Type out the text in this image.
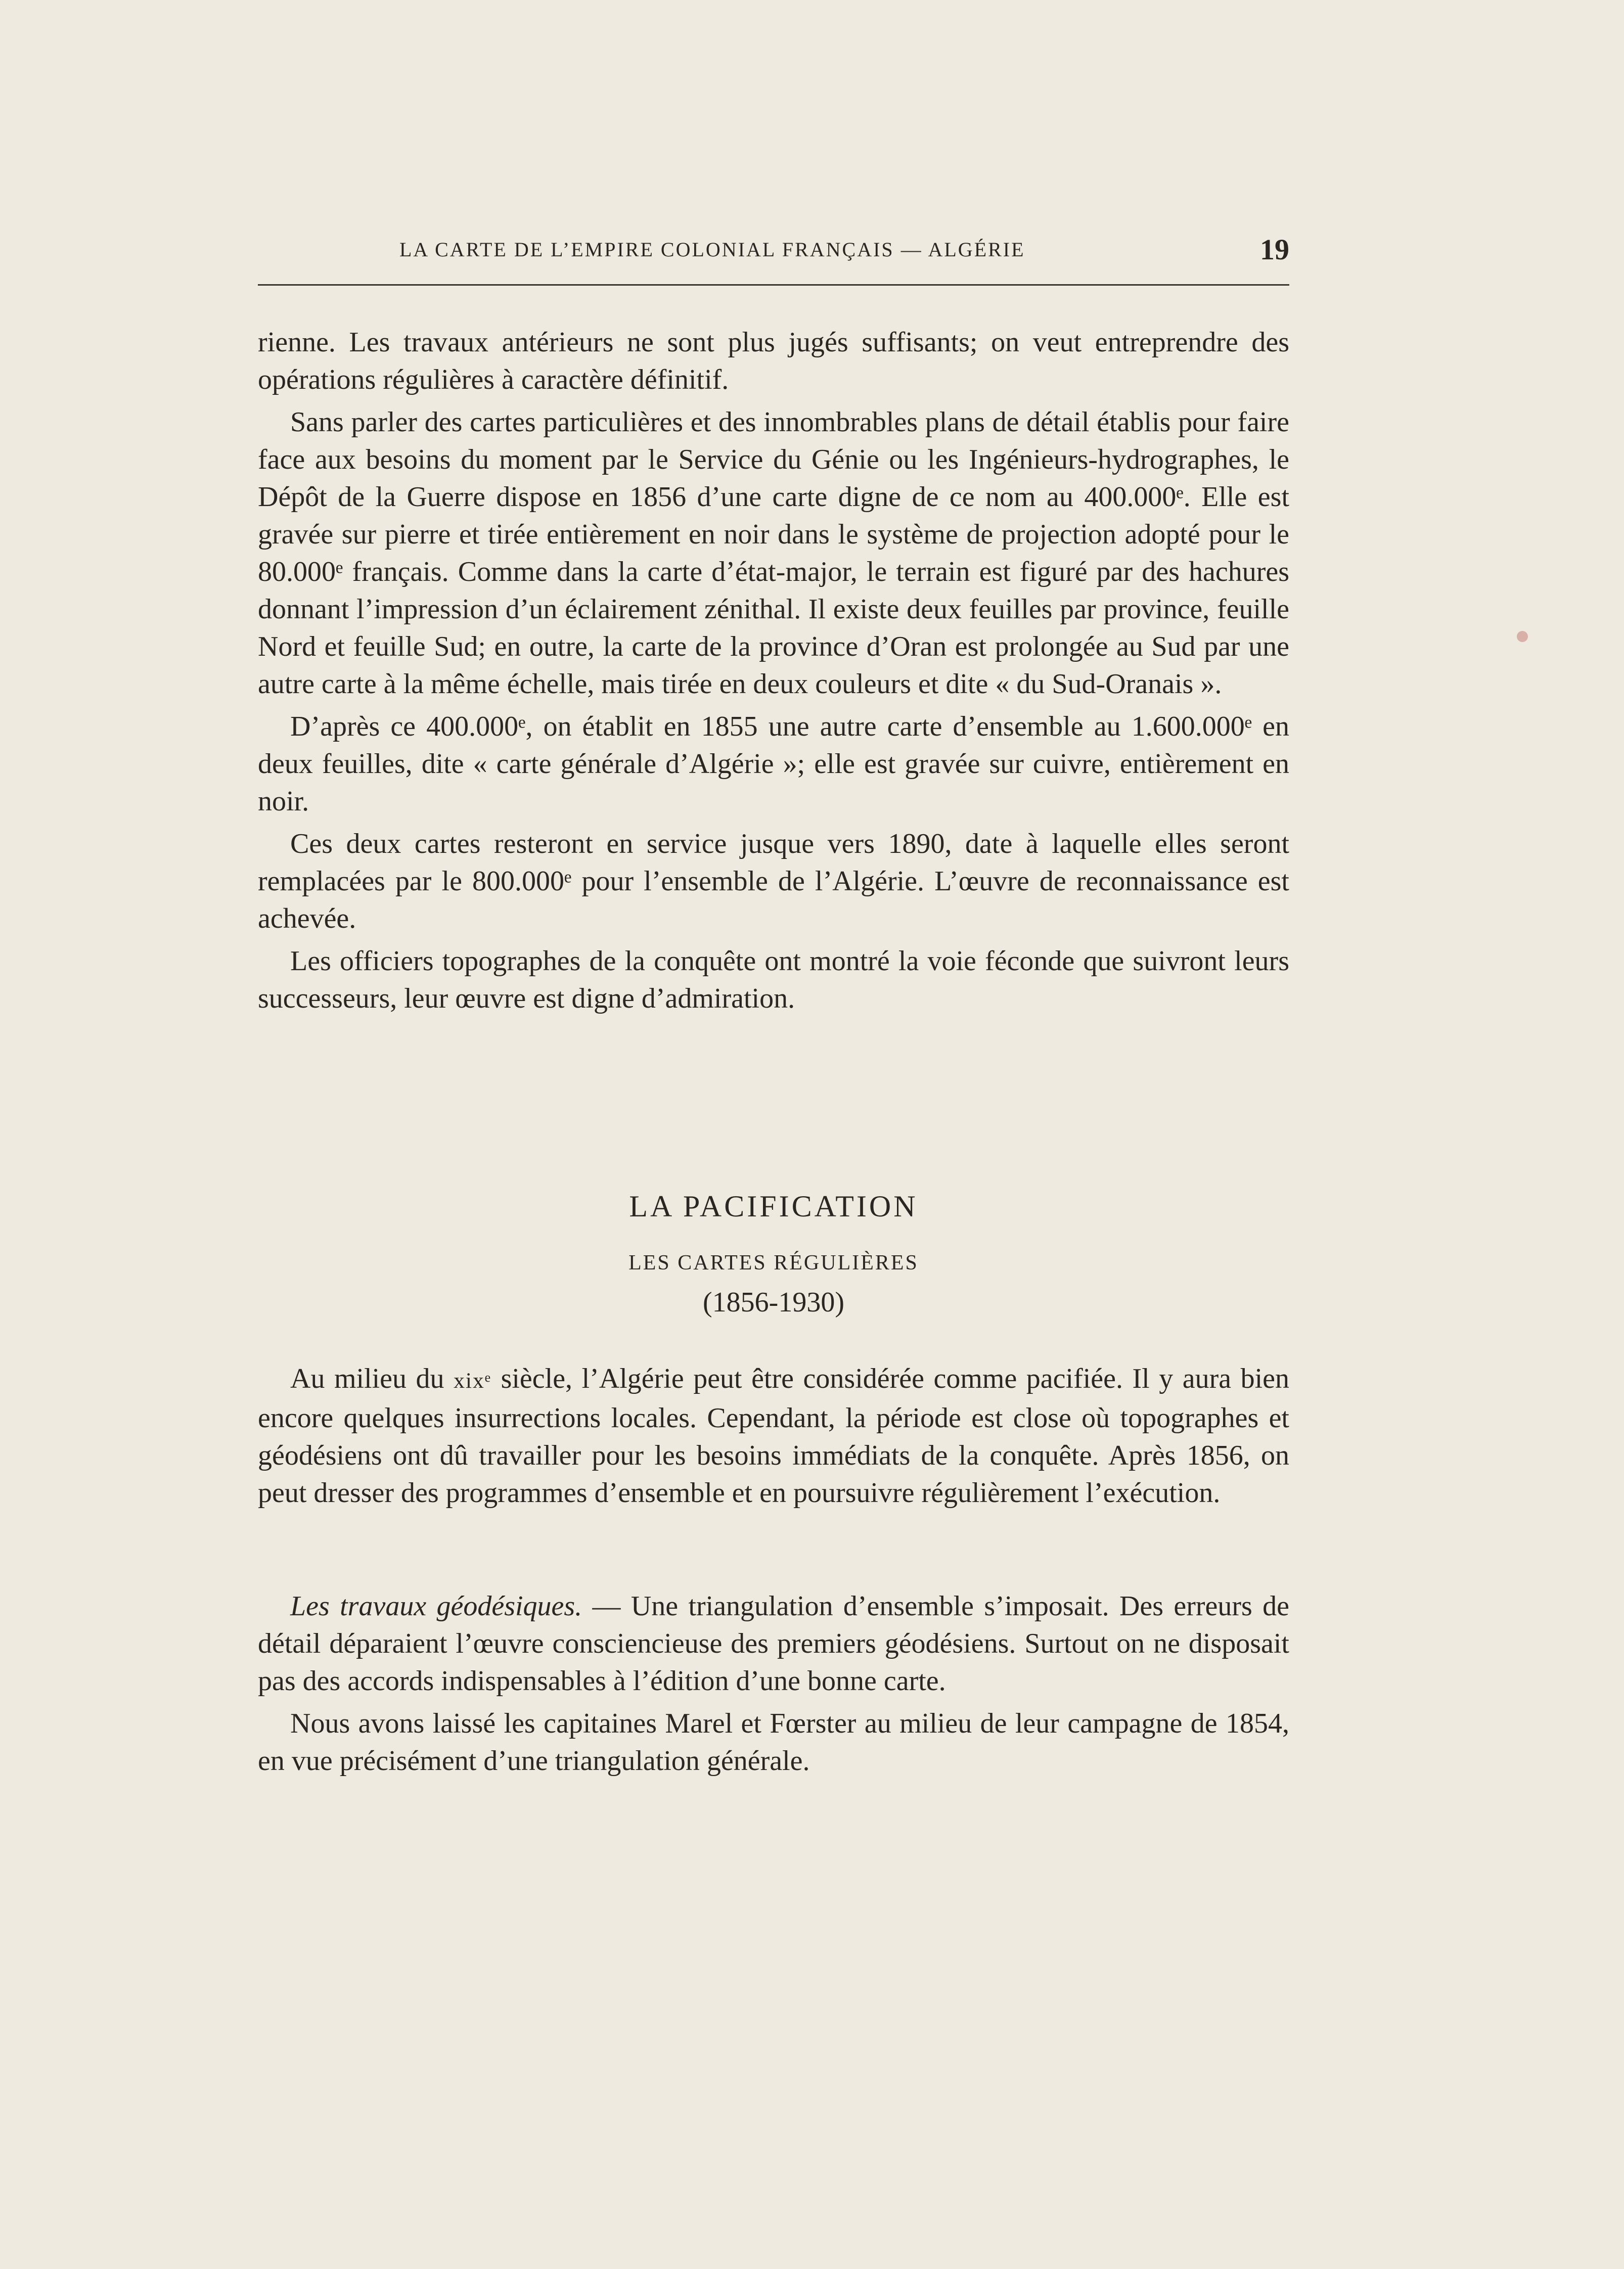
LA CARTE DE L’EMPIRE COLONIAL FRANÇAIS — ALGÉRIE	19

rienne. Les travaux antérieurs ne sont plus jugés suffisants; on veut entreprendre des opérations régulières à caractère définitif.

Sans parler des cartes particulières et des innombrables plans de détail établis pour faire face aux besoins du moment par le Service du Génie ou les Ingénieurs-hydrographes, le Dépôt de la Guerre dispose en 1856 d’une carte digne de ce nom au 400.000ᵉ. Elle est gravée sur pierre et tirée entièrement en noir dans le système de projection adopté pour le 80.000ᵉ français. Comme dans la carte d’état-major, le terrain est figuré par des hachures donnant l’impression d’un éclairement zénithal. Il existe deux feuilles par province, feuille Nord et feuille Sud; en outre, la carte de la province d’Oran est prolongée au Sud par une autre carte à la même échelle, mais tirée en deux couleurs et dite « du Sud-Oranais ».

D’après ce 400.000ᵉ, on établit en 1855 une autre carte d’ensemble au 1.600.000ᵉ en deux feuilles, dite « carte générale d’Algérie »; elle est gravée sur cuivre, entièrement en noir.

Ces deux cartes resteront en service jusque vers 1890, date à laquelle elles seront remplacées par le 800.000ᵉ pour l’ensemble de l’Algérie. L’œuvre de reconnaissance est achevée.

Les officiers topographes de la conquête ont montré la voie féconde que suivront leurs successeurs, leur œuvre est digne d’admiration.

LA PACIFICATION
LES CARTES RÉGULIÈRES
(1856-1930)

Au milieu du xixᵉ siècle, l’Algérie peut être considérée comme pacifiée. Il y aura bien encore quelques insurrections locales. Cependant, la période est close où topographes et géodésiens ont dû travailler pour les besoins immédiats de la conquête. Après 1856, on peut dresser des programmes d’ensemble et en poursuivre régulièrement l’exécution.

Les travaux géodésiques. — Une triangulation d’ensemble s’imposait. Des erreurs de détail déparaient l’œuvre consciencieuse des premiers géodésiens. Surtout on ne disposait pas des accords indispensables à l’édition d’une bonne carte.

Nous avons laissé les capitaines Marel et Fœrster au milieu de leur campagne de 1854, en vue précisément d’une triangulation générale.
